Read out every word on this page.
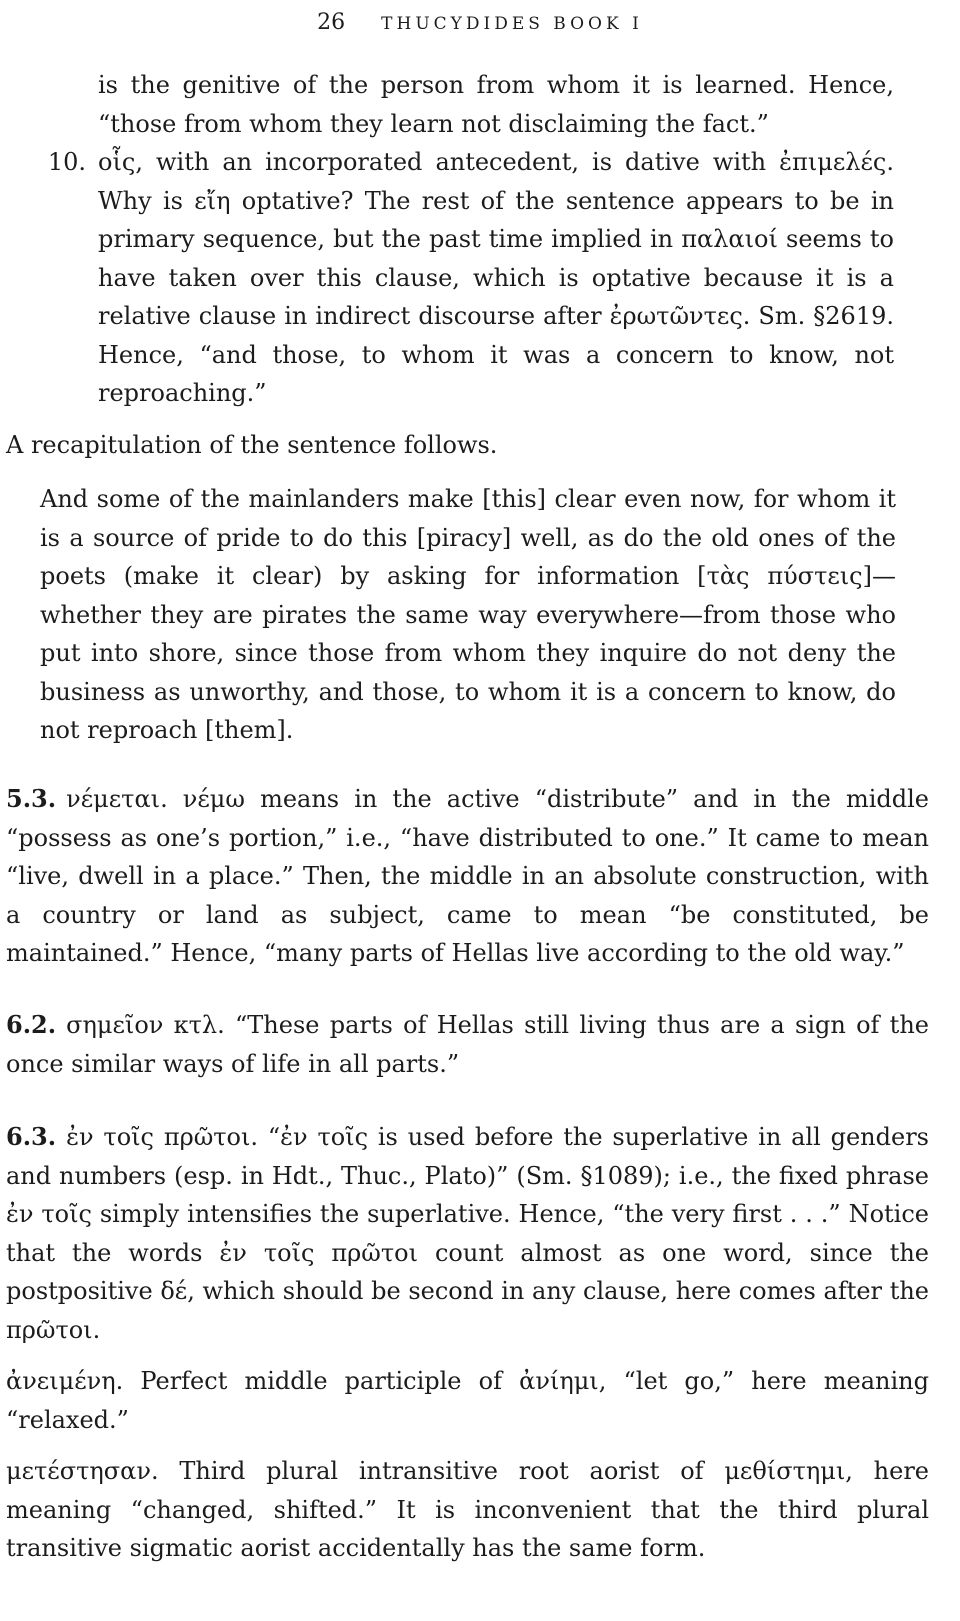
26 THUCYDIDES BOOK I

is the genitive of the person from whom it is learned. Hence, “those from whom they learn not disclaiming the fact.”

10. οἷς, with an incorporated antecedent, is dative with ἐπιμελές. Why is εἴη optative? The rest of the sentence appears to be in primary sequence, but the past time implied in παλαιοί seems to have taken over this clause, which is optative because it is a relative clause in indirect discourse after ἐρωτῶντες. Sm. §2619. Hence, “and those, to whom it was a concern to know, not reproaching.”

A recapitulation of the sentence follows.

And some of the mainlanders make [this] clear even now, for whom it is a source of pride to do this [piracy] well, as do the old ones of the poets (make it clear) by asking for information [τὰς πύστεις]—whether they are pirates the same way everywhere—from those who put into shore, since those from whom they inquire do not deny the business as unworthy, and those, to whom it is a concern to know, do not reproach [them].

5.3. νέμεται. νέμω means in the active “distribute” and in the middle “possess as one’s portion,” i.e., “have distributed to one.” It came to mean “live, dwell in a place.” Then, the middle in an absolute construction, with a country or land as subject, came to mean “be constituted, be maintained.” Hence, “many parts of Hellas live according to the old way.”

6.2. σημεῖον κτλ. “These parts of Hellas still living thus are a sign of the once similar ways of life in all parts.”

6.3. ἐν τοῖς πρῶτοι. “ἐν τοῖς is used before the superlative in all genders and numbers (esp. in Hdt., Thuc., Plato)” (Sm. §1089); i.e., the fixed phrase ἐν τοῖς simply intensifies the superlative. Hence, “the very first . . .” Notice that the words ἐν τοῖς πρῶτοι count almost as one word, since the postpositive δέ, which should be second in any clause, here comes after the πρῶτοι.

ἀνειμένη. Perfect middle participle of ἀνίημι, “let go,” here meaning “relaxed.”

μετέστησαν. Third plural intransitive root aorist of μεθίστημι, here meaning “changed, shifted.” It is inconvenient that the third plural transitive sigmatic aorist accidentally has the same form.
